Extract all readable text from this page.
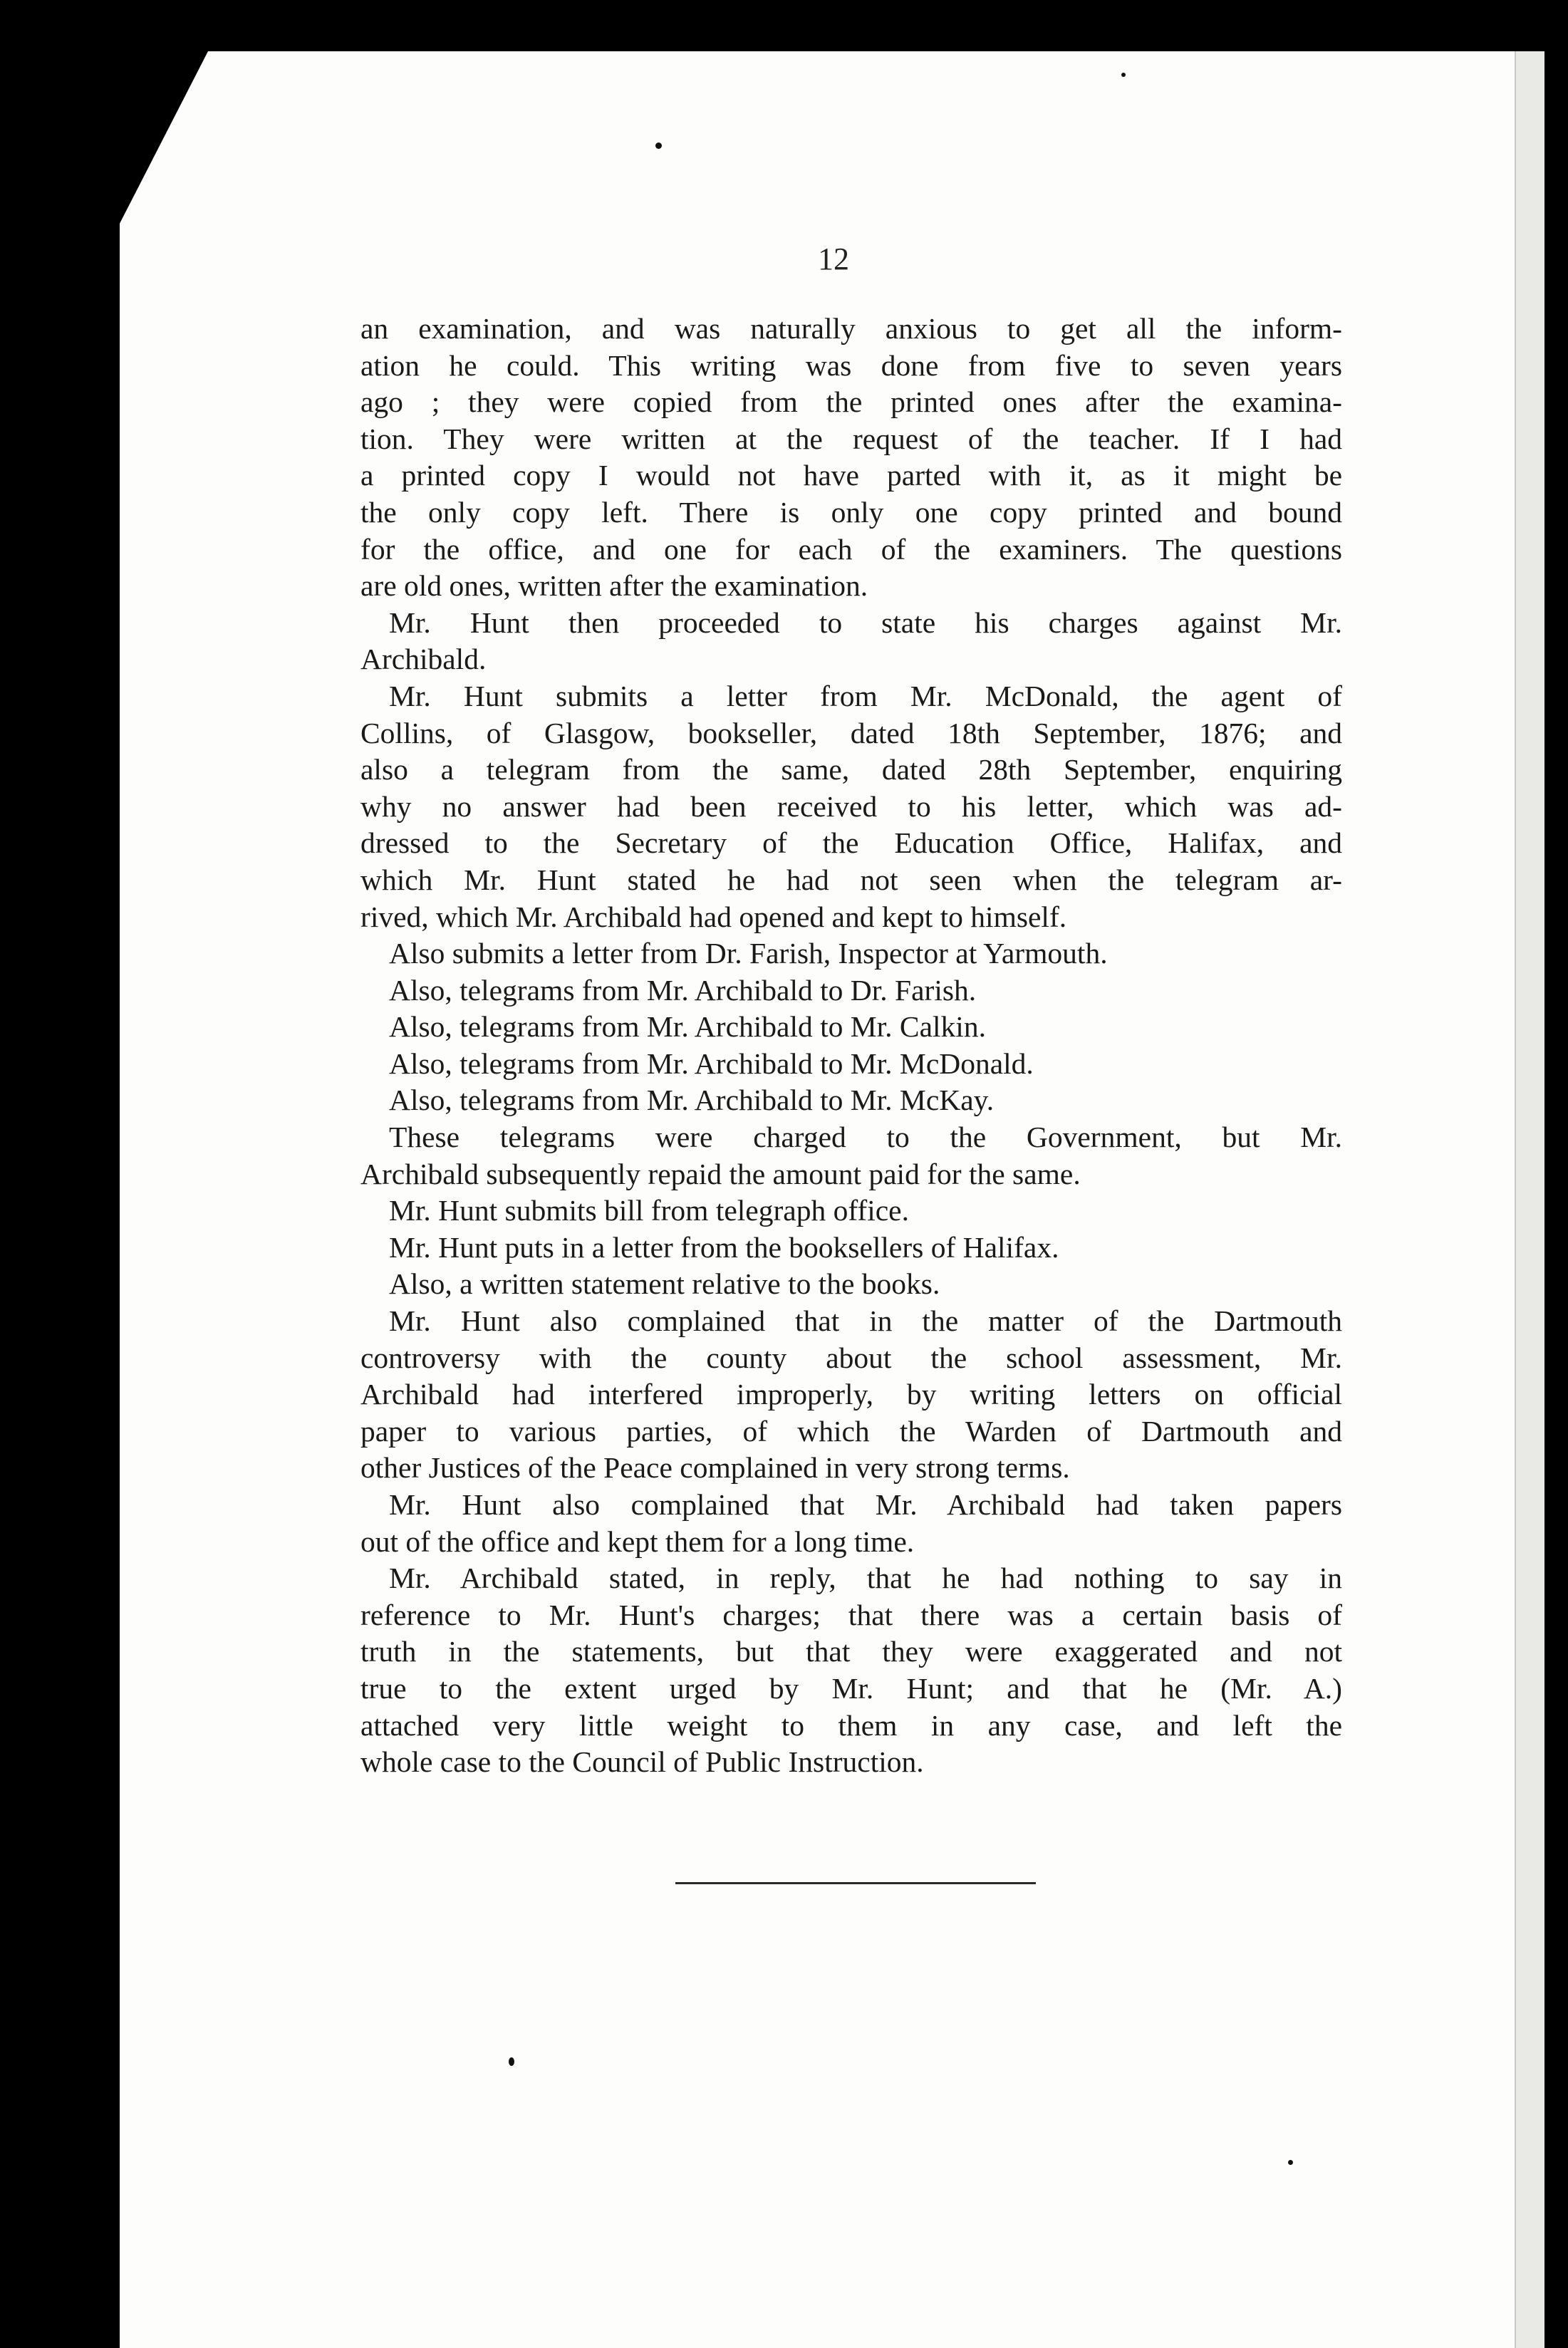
12
an examination, and was naturally anxious to get all the inform-
ation he could. This writing was done from five to seven years
ago ; they were copied from the printed ones after the examina-
tion. They were written at the request of the teacher. If I had
a printed copy I would not have parted with it, as it might be
the only copy left. There is only one copy printed and bound
for the office, and one for each of the examiners. The questions
are old ones, written after the examination.
Mr. Hunt then proceeded to state his charges against Mr.
Archibald.
Mr. Hunt submits a letter from Mr. McDonald, the agent of
Collins, of Glasgow, bookseller, dated 18th September, 1876; and
also a telegram from the same, dated 28th September, enquiring
why no answer had been received to his letter, which was ad-
dressed to the Secretary of the Education Office, Halifax, and
which Mr. Hunt stated he had not seen when the telegram ar-
rived, which Mr. Archibald had opened and kept to himself.
Also submits a letter from Dr. Farish, Inspector at Yarmouth.
Also, telegrams from Mr. Archibald to Dr. Farish.
Also, telegrams from Mr. Archibald to Mr. Calkin.
Also, telegrams from Mr. Archibald to Mr. McDonald.
Also, telegrams from Mr. Archibald to Mr. McKay.
These telegrams were charged to the Government, but Mr.
Archibald subsequently repaid the amount paid for the same.
Mr. Hunt submits bill from telegraph office.
Mr. Hunt puts in a letter from the booksellers of Halifax.
Also, a written statement relative to the books.
Mr. Hunt also complained that in the matter of the Dartmouth
controversy with the county about the school assessment, Mr.
Archibald had interfered improperly, by writing letters on official
paper to various parties, of which the Warden of Dartmouth and
other Justices of the Peace complained in very strong terms.
Mr. Hunt also complained that Mr. Archibald had taken papers
out of the office and kept them for a long time.
Mr. Archibald stated, in reply, that he had nothing to say in
reference to Mr. Hunt's charges; that there was a certain basis of
truth in the statements, but that they were exaggerated and not
true to the extent urged by Mr. Hunt; and that he (Mr. A.)
attached very little weight to them in any case, and left the
whole case to the Council of Public Instruction.
